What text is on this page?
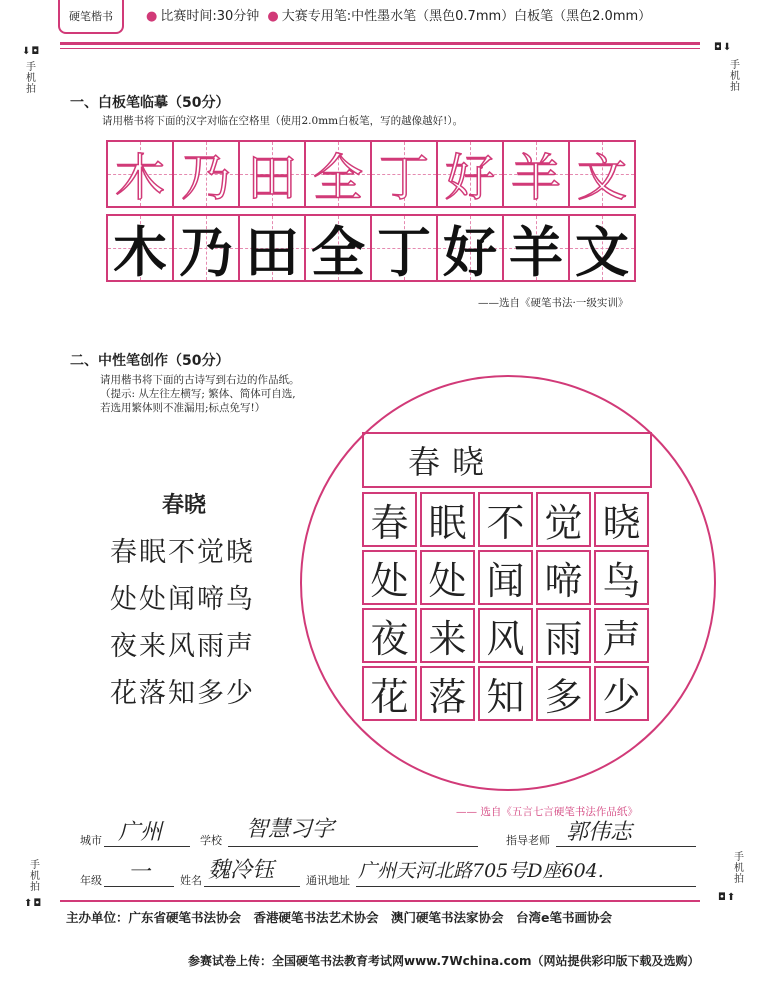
硬笔楷书	● 比赛时间:30分钟 ● 大赛专用笔:中性墨水笔（黑色0.7mm）白板笔（黑色2.0mm）
⬇◘
手机拍
◘⬇
手机拍
一、白板笔临摹（50分）
请用楷书将下面的汉字对临在空格里（使用2.0mm白板笔，写的越像越好!）。
木 乃 田 全 丁 好 羊 文
木 乃 田 全 丁 好 羊 文
——选自《硬笔书法·一级实训》
二、中性笔创作（50分）
请用楷书将下面的古诗写到右边的作品纸。
（提示: 从左往左横写; 繁体、简体可自选,
若选用繁体则不准漏用;标点免写!）
春晓
春眠不觉晓
处处闻啼鸟
夜来风雨声
花落知多少
春晓
春 眠 不 觉 晓
处 处 闻 啼 鸟
夜 来 风 雨 声
花 落 知 多 少
—— 选自《五言七言硬笔书法作品纸》
城市 广州	学校 智慧习字	指导老师 郭伟志
手机拍
⬆◘
手机拍
◘⬆
年级 一	姓名 魏冷钰	通讯地址 广州天河北路705号D座604.
主办单位：广东省硬笔书法协会　香港硬笔书法艺术协会　澳门硬笔书法家协会　台湾e笔书画协会
参赛试卷上传：全国硬笔书法教育考试网www.7Wchina.com（网站提供彩印版下载及选购）
